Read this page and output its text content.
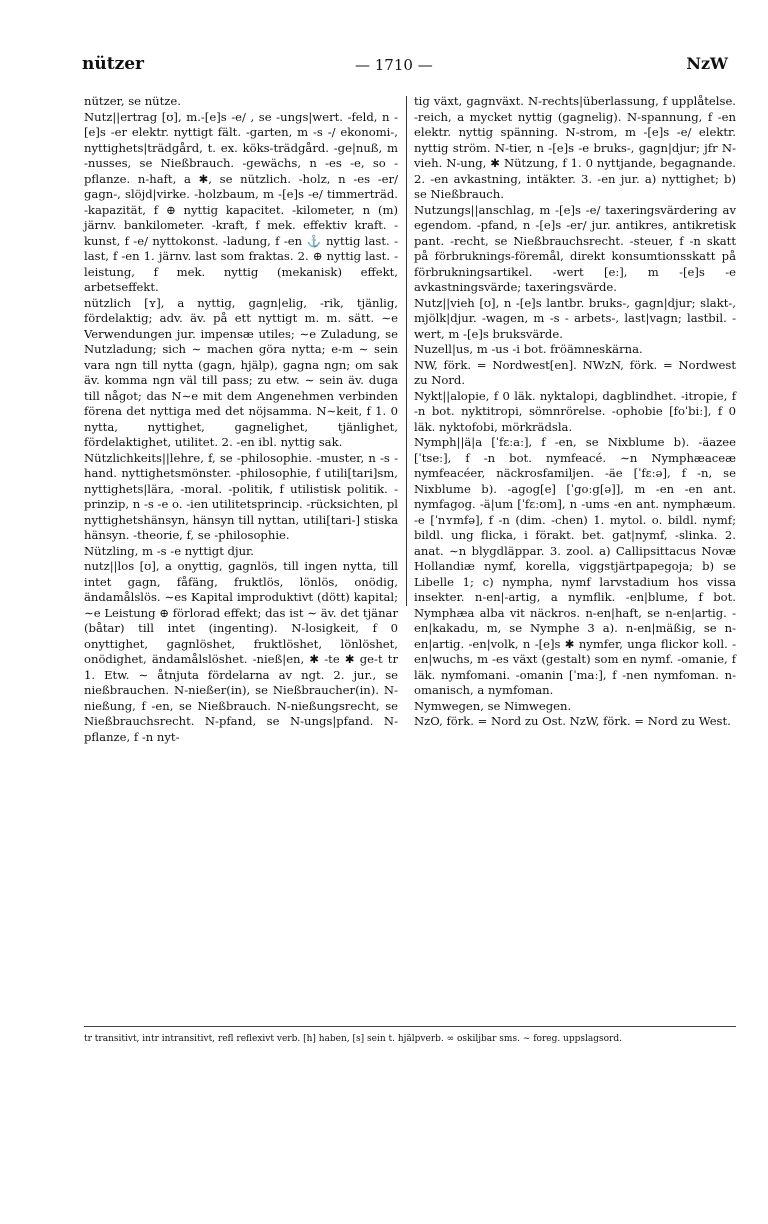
nützer	— 1710 —	NzW

nützer, se nütze.

Nutz||ertrag [ʊ], m.-[e]s -e/ , se -ungs|wert. -feld, n -[e]s -er elektr. nyttigt fält. -garten, m -s -/ ekonomi-, nyttighets|trädgård, t. ex. köks-trädgård. -ge|nuß, m -nusses, se Nießbrauch. -gewächs, n -es -e, so -pflanze. n-haft, a ✱, se nützlich. -holz, n -es -er/ gagn-, slöjd|virke. -holzbaum, m -[e]s -e/ timmerträd. -kapazität, f ⊕ nyttig kapacitet. -kilometer, n (m) järnv. bankilometer. -kraft, f mek. effektiv kraft. -kunst, f -e/ nyttokonst. -ladung, f -en ⚓ nyttig last. -last, f -en 1. järnv. last som fraktas. 2. ⊕ nyttig last. -leistung, f mek. nyttig (mekanisk) effekt, arbetseffekt.

nützlich [ʏ], a nyttig, gagn|elig, -rik, tjänlig, fördelaktig; adv. äv. på ett nyttigt m. m. sätt. ∼e Verwendungen jur. impensæ utiles; ∼e Zuladung, se Nutzladung; sich ∼ machen göra nytta; e-m ∼ sein vara ngn till nytta (gagn, hjälp), gagna ngn; om sak äv. komma ngn väl till pass; zu etw. ∼ sein äv. duga till något; das N∼e mit dem Angenehmen verbinden förena det nyttiga med det nöjsamma. N∼keit, f 1. 0 nytta, nyttighet, gagnelighet, tjänlighet, fördelaktighet, utilitet. 2. -en ibl. nyttig sak.

Nützlichkeits||lehre, f, se -philosophie. -muster, n -s - hand. nyttighetsmönster. -philosophie, f utili[tari]sm, nyttighets|lära, -moral. -politik, f utilistisk politik. -prinzip, n -s -e o. -ien utilitetsprincip. -rücksichten, pl nyttighetshänsyn, hänsyn till nyttan, utili[tari-] stiska hänsyn. -theorie, f, se -philosophie.

Nützling, m -s -e nyttigt djur.

nutz||los [ʊ], a onyttig, gagnlös, till ingen nytta, till intet gagn, fåfäng, fruktlös, lönlös, onödig, ändamålslös. ∼es Kapital improduktivt (dött) kapital; ∼e Leistung ⊕ förlorad effekt; das ist ∼ äv. det tjänar (båtar) till intet (ingenting). N-losigkeit, f 0 onyttighet, gagnlöshet, fruktlöshet, lönlöshet, onödighet, ändamålslöshet. -nieß|en, ✱ -te ✱ ge-t tr 1. Etw. ∼ åtnjuta fördelarna av ngt. 2. jur., se nießbrauchen. N-nießer(in), se Nießbraucher(in). N-nießung, f -en, se Nießbrauch. N-nießungsrecht, se Nießbrauchsrecht. N-pfand, se N-ungs|pfand. N-pflanze, f -n nyt-

tig växt, gagnväxt. N-rechts|überlassung, f upplåtelse. -reich, a mycket nyttig (gagnelig). N-spannung, f -en elektr. nyttig spänning. N-strom, m -[e]s -e/ elektr. nyttig ström. N-tier, n -[e]s -e bruks-, gagn|djur; jfr N-vieh. N-ung, ✱ Nützung, f 1. 0 nyttjande, begagnande. 2. -en avkastning, intäkter. 3. -en jur. a) nyttighet; b) se Nießbrauch.

Nutzungs||anschlag, m -[e]s -e/ taxeringsvärdering av egendom. -pfand, n -[e]s -er/ jur. antikres, antikretisk pant. -recht, se Nießbrauchsrecht. -steuer, f -n skatt på förbruknings-föremål, direkt konsumtionsskatt på förbrukningsartikel. -wert [eː], m -[e]s -e avkastningsvärde; taxeringsvärde.

Nutz||vieh [ʊ], n -[e]s lantbr. bruks-, gagn|djur; slakt-, mjölk|djur. -wagen, m -s - arbets-, last|vagn; lastbil. -wert, m -[e]s bruksvärde.

Nuzell|us, m -us -i bot. fröämneskärna.

NW, förk. = Nordwest[en]. NWzN, förk. = Nordwest zu Nord.

Nykt||alopie, f 0 läk. nyktalopi, dagblindhet. -itropie, f -n bot. nyktitropi, sömnrörelse. -ophobie [foˈbiː], f 0 läk. nyktofobi, mörkrädsla.

Nymph||ä|a [ˈfɛːaː], f -en, se Nixblume b). -äazee [ˈtseː], f -n bot. nymfeacé. ∼n Nymphæaceæ nymfeacéer, näckrosfamiljen. -äe [ˈfɛːə], f -n, se Nixblume b). -agog[e] [ˈgoːg[ə]], m -en -en ant. nymfagog. -ä|um [ˈfɛːʊm], n -ums -en ant. nymphæum. -e [ˈnʏmfə], f -n (dim. -chen) 1. mytol. o. bildl. nymf; bildl. ung flicka, i förakt. bet. gat|nymf, -slinka. 2. anat. ∼n blygdläppar. 3. zool. a) Callipsittacus Novæ Hollandiæ nymf, korella, viggstjärtpapegoja; b) se Libelle 1; c) nympha, nymf larvstadium hos vissa insekter. n-en|-artig, a nymflik. -en|blume, f bot. Nymphæa alba vit näckros. n-en|haft, se n-en|artig. -en|kakadu, m, se Nymphe 3 a). n-en|mäßig, se n-en|artig. -en|volk, n -[e]s ✱ nymfer, unga flickor koll. -en|wuchs, m -es växt (gestalt) som en nymf. -omanie, f läk. nymfomani. -omanin [ˈmaː], f -nen nymfoman. n-omanisch, a nymfoman.

Nymwegen, se Nimwegen.

NzO, förk. = Nord zu Ost. NzW, förk. = Nord zu West.

tr transitivt, intr intransitivt, refl reflexivt verb. [h] haben, [s] sein t. hjälpverb. ∞ oskiljbar sms. ∼ foreg. uppslagsord.
